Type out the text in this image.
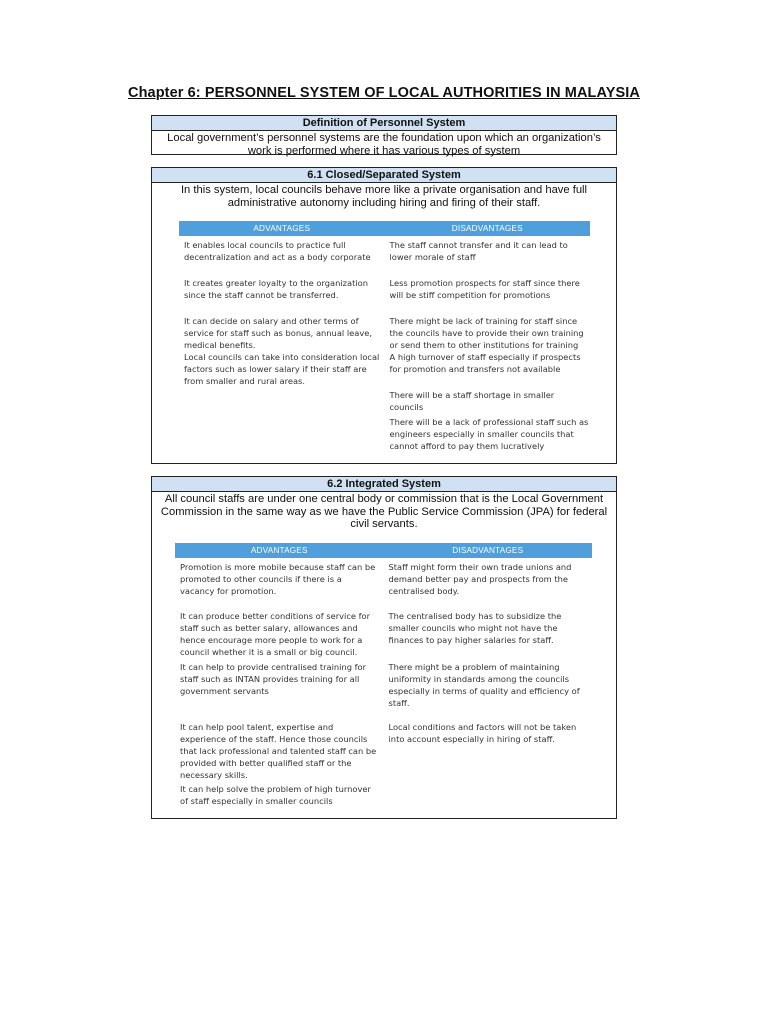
Chapter 6: PERSONNEL SYSTEM OF LOCAL AUTHORITIES IN MALAYSIA
Definition of Personnel System
Local government’s personnel systems are the foundation upon which an organization’s work is performed where it has various types of system
6.1 Closed/Separated System
In this system, local councils behave more like a private organisation and have full administrative autonomy including hiring and firing of their staff.
ADVANTAGES	DISADVANTAGES
It enables local councils to practice full decentralization and act as a body corporate
It creates greater loyalty to the organization since the staff cannot be transferred.
It can decide on salary and other terms of service for staff such as bonus, annual leave, medical benefits.
Local councils can take into consideration local factors such as lower salary if their staff are from smaller and rural areas.
The staff cannot transfer and it can lead to lower morale of staff
Less promotion prospects for staff since there will be stiff competition for promotions
There might be lack of training for staff since the councils have to provide their own training or send them to other institutions for training
A high turnover of staff especially if prospects for promotion and transfers not available
There will be a staff shortage in smaller councils
There will be a lack of professional staff such as engineers especially in smaller councils that cannot afford to pay them lucratively
6.2 Integrated System
All council staffs are under one central body or commission that is the Local Government Commission in the same way as we have the Public Service Commission (JPA) for federal civil servants.
ADVANTAGES	DISADVANTAGES
Promotion is more mobile because staff can be promoted to other councils if there is a vacancy for promotion.
It can produce better conditions of service for staff such as better salary, allowances and hence encourage more people to work for a council whether it is a small or big council.
It can help to provide centralised training for staff such as INTAN provides training for all government servants
It can help pool talent, expertise and experience of the staff. Hence those councils that lack professional and talented staff can be provided with better qualified staff or the necessary skills.
It can help solve the problem of high turnover of staff especially in smaller councils
Staff might form their own trade unions and demand better pay and prospects from the centralised body.
The centralised body has to subsidize the smaller councils who might not have the finances to pay higher salaries for staff.
There might be a problem of maintaining uniformity in standards among the councils especially in terms of quality and efficiency of staff.
Local conditions and factors will not be taken into account especially in hiring of staff.
